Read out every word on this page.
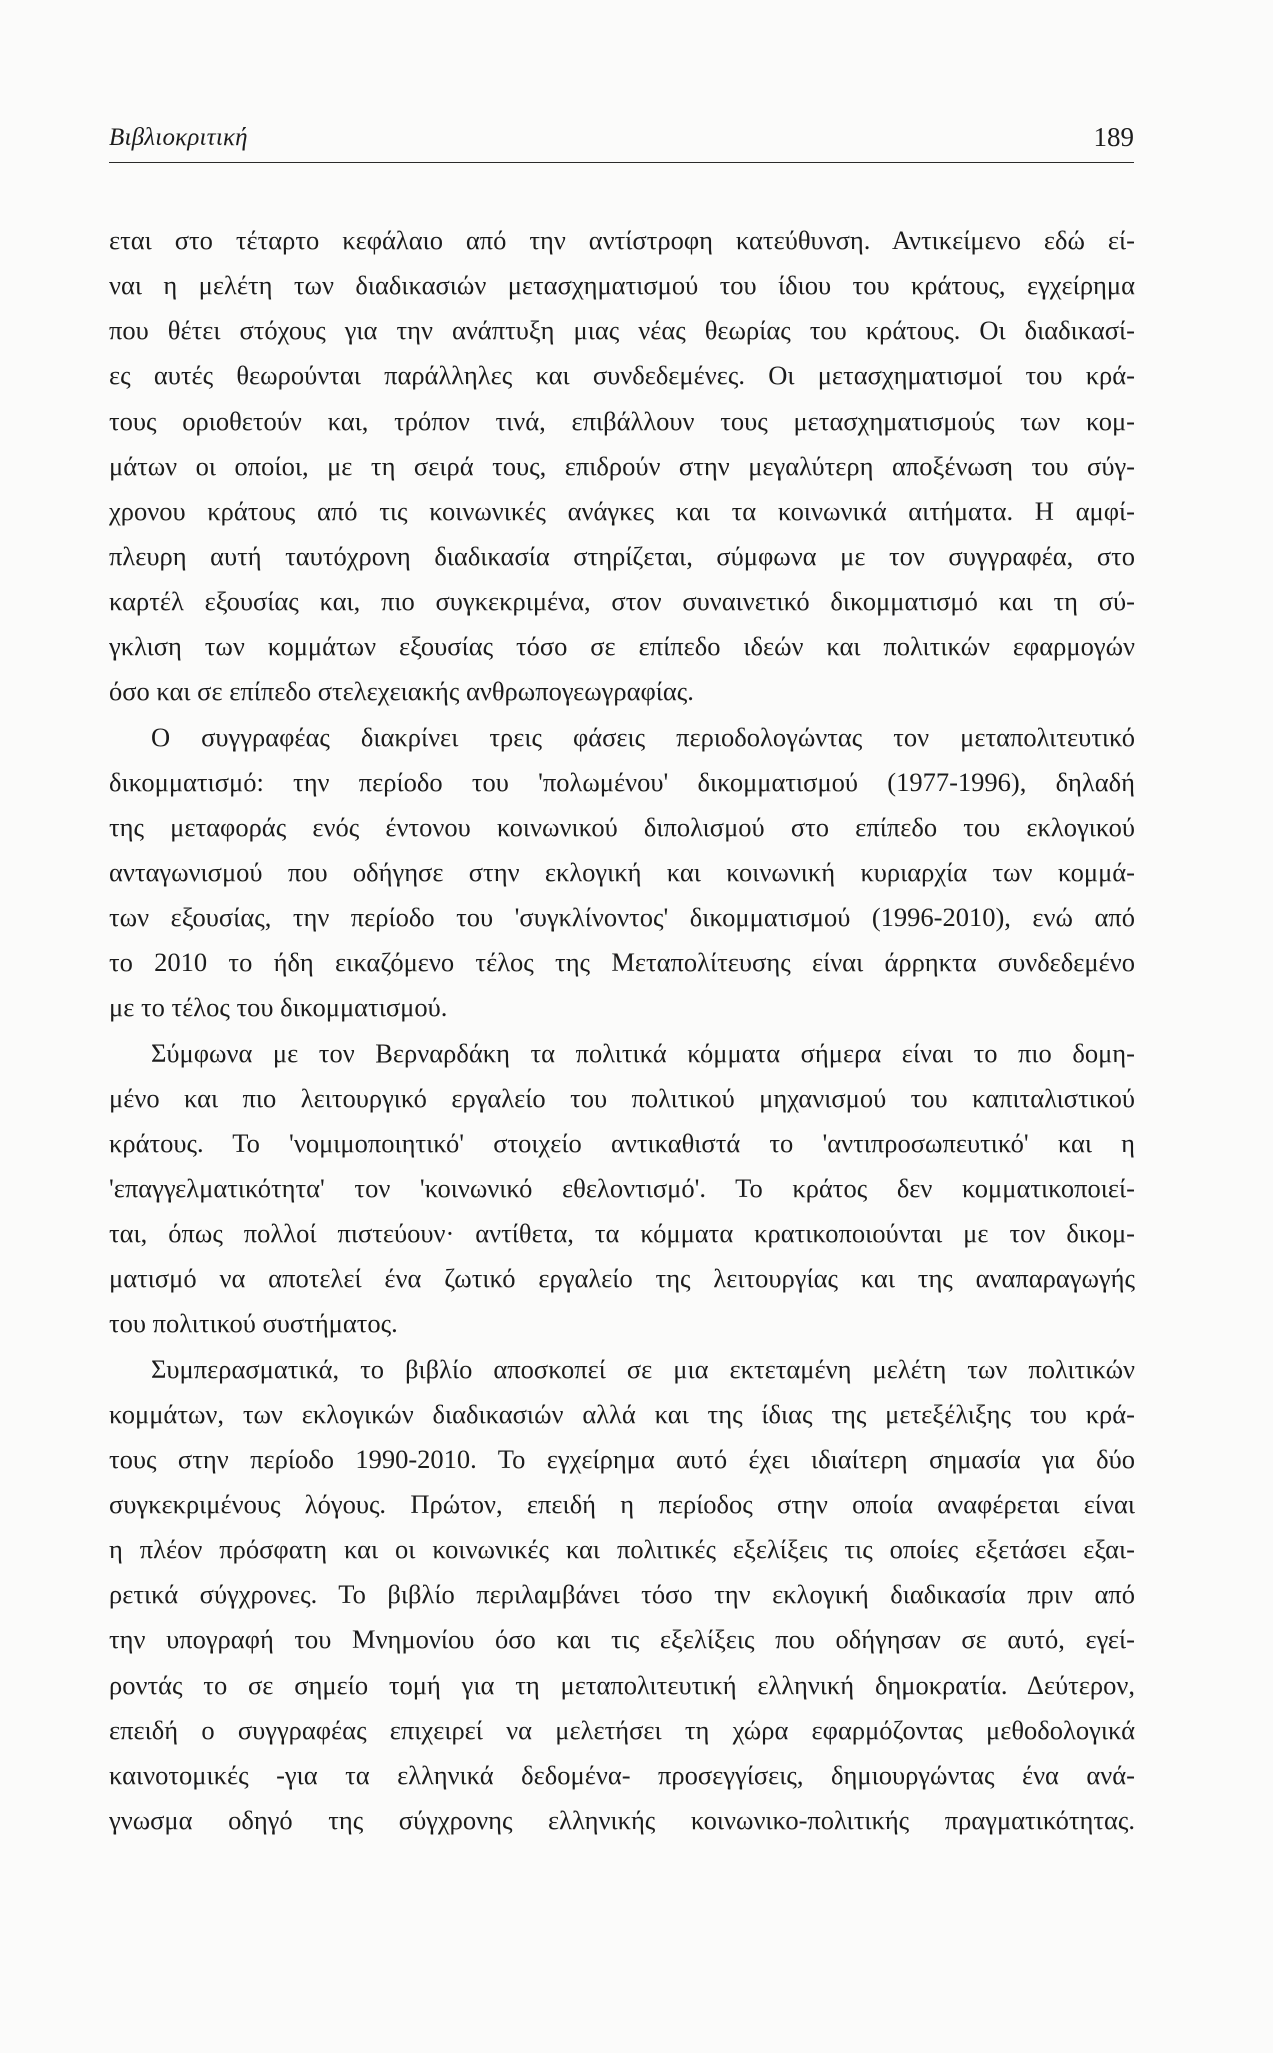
Βιβλιοκριτική	189
εται στο τέταρτο κεφάλαιο από την αντίστροφη κατεύθυνση. Αντικείμενο εδώ εί-
ναι η μελέτη των διαδικασιών μετασχηματισμού του ίδιου του κράτους, εγχείρημα
που θέτει στόχους για την ανάπτυξη μιας νέας θεωρίας του κράτους. Οι διαδικασί-
ες αυτές θεωρούνται παράλληλες και συνδεδεμένες. Οι μετασχηματισμοί του κρά-
τους οριοθετούν και, τρόπον τινά, επιβάλλουν τους μετασχηματισμούς των κομ-
μάτων οι οποίοι, με τη σειρά τους, επιδρούν στην μεγαλύτερη αποξένωση του σύγ-
χρονου κράτους από τις κοινωνικές ανάγκες και τα κοινωνικά αιτήματα. Η αμφί-
πλευρη αυτή ταυτόχρονη διαδικασία στηρίζεται, σύμφωνα με τον συγγραφέα, στο
καρτέλ εξουσίας και, πιο συγκεκριμένα, στον συναινετικό δικομματισμό και τη σύ-
γκλιση των κομμάτων εξουσίας τόσο σε επίπεδο ιδεών και πολιτικών εφαρμογών
όσο και σε επίπεδο στελεχειακής ανθρωπογεωγραφίας.
Ο συγγραφέας διακρίνει τρεις φάσεις περιοδολογώντας τον μεταπολιτευτικό
δικομματισμό: την περίοδο του 'πολωμένου' δικομματισμού (1977-1996), δηλαδή
της μεταφοράς ενός έντονου κοινωνικού διπολισμού στο επίπεδο του εκλογικού
ανταγωνισμού που οδήγησε στην εκλογική και κοινωνική κυριαρχία των κομμά-
των εξουσίας, την περίοδο του 'συγκλίνοντος' δικομματισμού (1996-2010), ενώ από
το 2010 το ήδη εικαζόμενο τέλος της Μεταπολίτευσης είναι άρρηκτα συνδεδεμένο
με το τέλος του δικομματισμού.
Σύμφωνα με τον Βερναρδάκη τα πολιτικά κόμματα σήμερα είναι το πιο δομη-
μένο και πιο λειτουργικό εργαλείο του πολιτικού μηχανισμού του καπιταλιστικού
κράτους. Το 'νομιμοποιητικό' στοιχείο αντικαθιστά το 'αντιπροσωπευτικό' και η
'επαγγελματικότητα' τον 'κοινωνικό εθελοντισμό'. Το κράτος δεν κομματικοποιεί-
ται, όπως πολλοί πιστεύουν· αντίθετα, τα κόμματα κρατικοποιούνται με τον δικομ-
ματισμό να αποτελεί ένα ζωτικό εργαλείο της λειτουργίας και της αναπαραγωγής
του πολιτικού συστήματος.
Συμπερασματικά, το βιβλίο αποσκοπεί σε μια εκτεταμένη μελέτη των πολιτικών
κομμάτων, των εκλογικών διαδικασιών αλλά και της ίδιας της μετεξέλιξης του κρά-
τους στην περίοδο 1990-2010. Το εγχείρημα αυτό έχει ιδιαίτερη σημασία για δύο
συγκεκριμένους λόγους. Πρώτον, επειδή η περίοδος στην οποία αναφέρεται είναι
η πλέον πρόσφατη και οι κοινωνικές και πολιτικές εξελίξεις τις οποίες εξετάσει εξαι-
ρετικά σύγχρονες. Το βιβλίο περιλαμβάνει τόσο την εκλογική διαδικασία πριν από
την υπογραφή του Μνημονίου όσο και τις εξελίξεις που οδήγησαν σε αυτό, εγεί-
ροντάς το σε σημείο τομή για τη μεταπολιτευτική ελληνική δημοκρατία. Δεύτερον,
επειδή ο συγγραφέας επιχειρεί να μελετήσει τη χώρα εφαρμόζοντας μεθοδολογικά
καινοτομικές -για τα ελληνικά δεδομένα- προσεγγίσεις, δημιουργώντας ένα ανά-
γνωσμα οδηγό της σύγχρονης ελληνικής κοινωνικο-πολιτικής πραγματικότητας.
